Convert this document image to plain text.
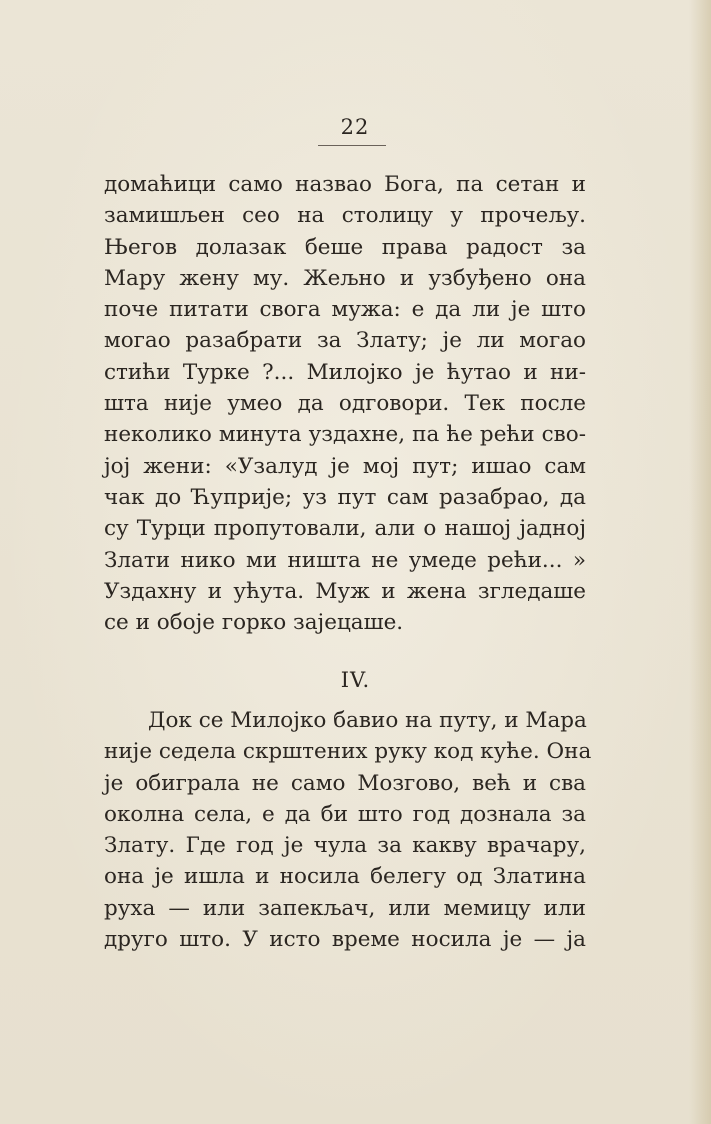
22
домаћици само назвао Бога, па сетан и
замишљен сео на столицу у прочељу.
Његов долазак беше права радост за
Мару жену му. Жељно и узбуђено она
поче питати свога мужа: е да ли је што
могао разабрати за Злату; је ли могао
стићи Турке ?... Милојко је ћутао и ни-
шта није умео да одговори. Тек после
неколико минута уздахне, па ће рећи сво-
јој жени: «Узалуд је мој пут; ишао сам
чак до Ћуприје; уз пут сам разабрао, да
су Турци пропутовали, али о нашој јадној
Злати нико ми ништа не умеде рећи... »
Уздахну и ућута. Муж и жена згледаше
се и обоје горко зајецаше.
IV.
Док се Милојко бавио на путу, и Мара
није седела скрштених руку код куће. Она
је обиграла не само Мозгово, већ и сва
околна села, е да би што год дознала за
Злату. Где год је чула за какву врачару,
она је ишла и носила белегу од Златина
руха — или запекљач, или мемицу или
друго што. У исто време носила је — ја
